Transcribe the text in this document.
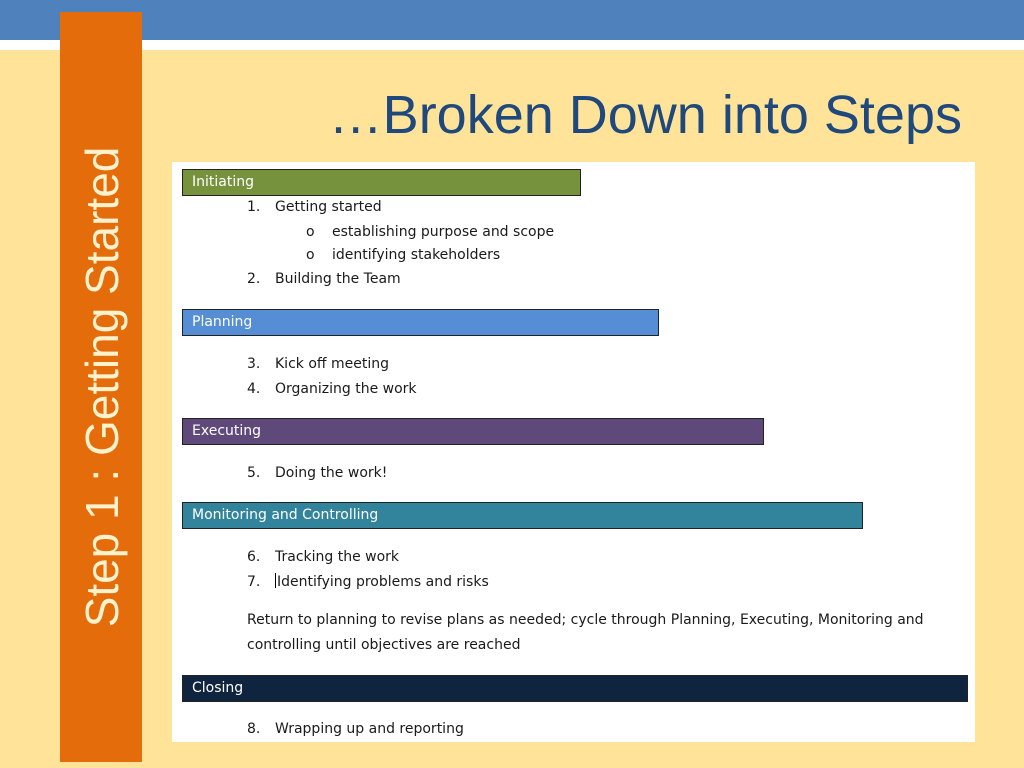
Step 1 : Getting Started
…Broken Down into Steps
Initiating
1. Getting started
o establishing purpose and scope
o identifying stakeholders
2. Building the Team
Planning
3. Kick off meeting
4. Organizing the work
Executing
5. Doing the work!
Monitoring and Controlling
6. Tracking the work
7. Identifying problems and risks
Return to planning to revise plans as needed; cycle through Planning, Executing, Monitoring and controlling until objectives are reached
Closing
8. Wrapping up and reporting
